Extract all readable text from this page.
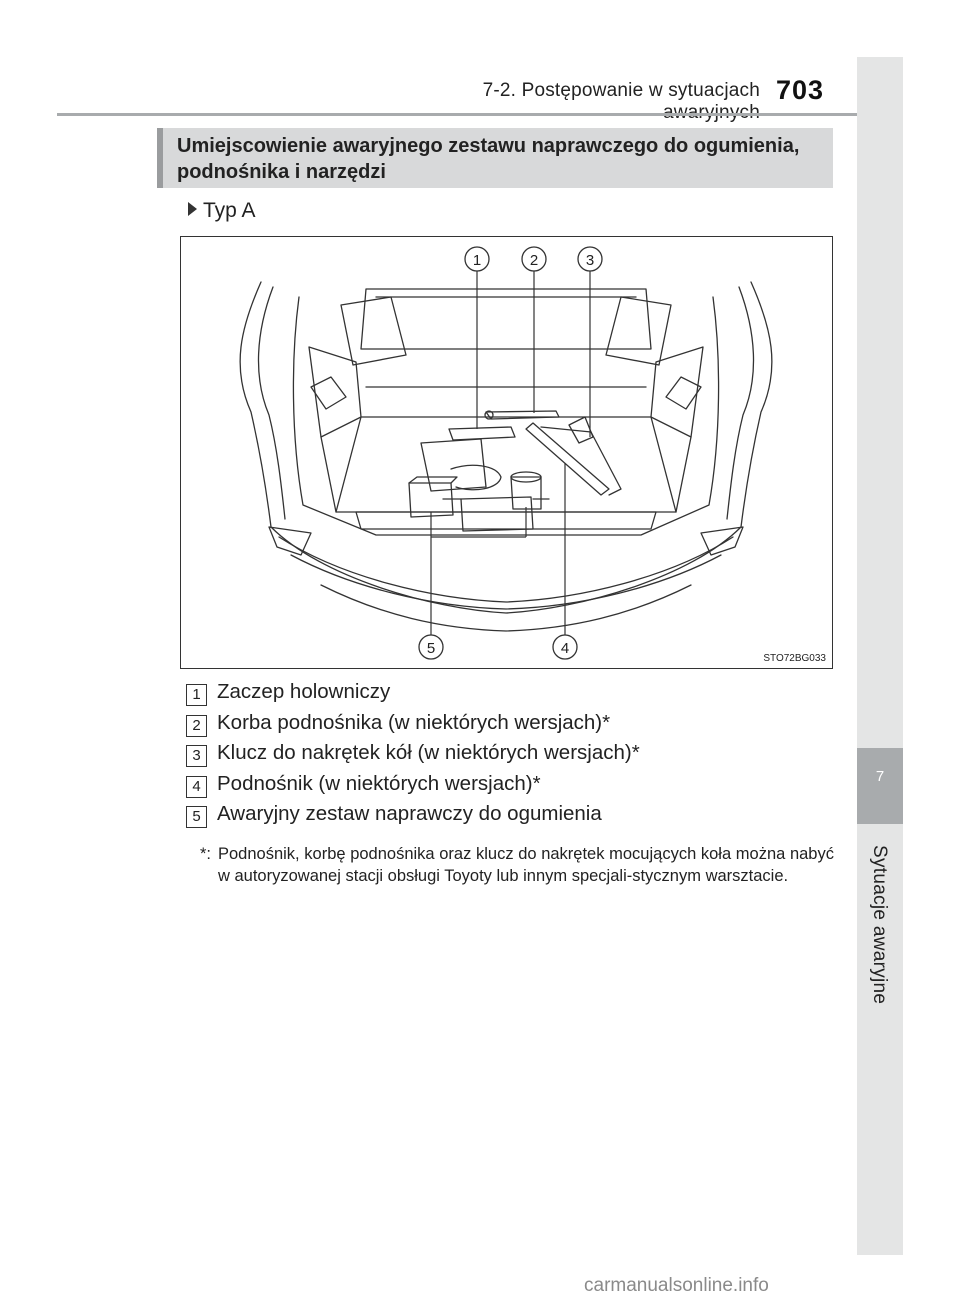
7-2. Postępowanie w sytuacjach 703
7
Sytuacje awaryjne
Umiejscowienie awaryjnego zestawu naprawczego do ogumienia, podnośnika i narzędzi
Typ A
1	2	3
4
5
STO72BG033
1 Zaczep holowniczy
2 Korba podnośnika (w niektórych wersjach)*
3 Klucz do nakrętek kół (w niektórych wersjach)*
4 Podnośnik (w niektórych wersjach)*
5 Awaryjny zestaw naprawczy do ogumienia
*: Podnośnik, korbę podnośnika oraz klucz do nakrętek mocujących koła można nabyć w autoryzowanej stacji obsługi Toyoty lub innym specjali-stycznym warsztacie.
carmanualsonline.info
